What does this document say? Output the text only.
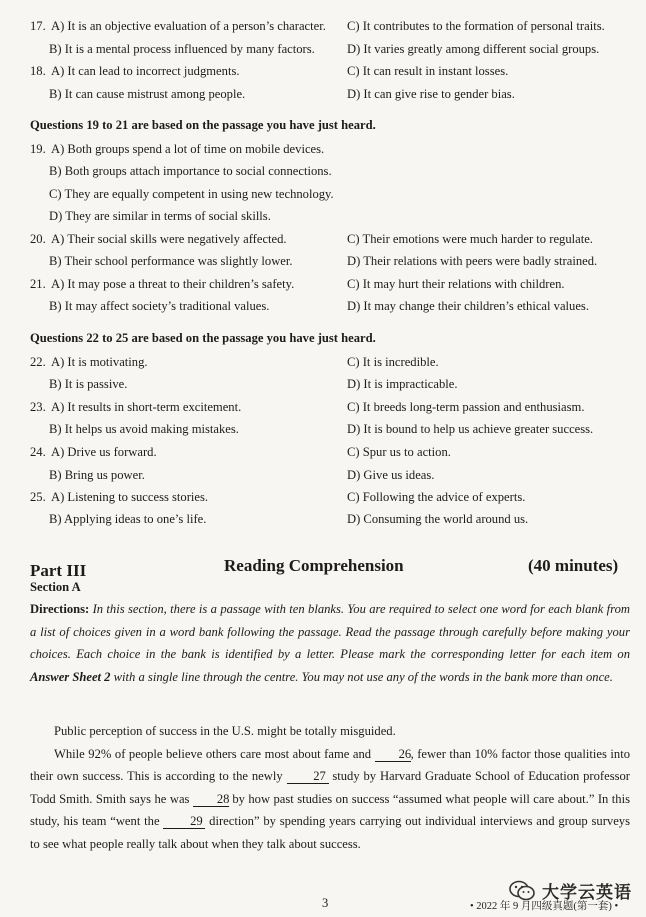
17. A) It is an objective evaluation of a person’s character. C) It contributes to the formation of personal traits.
B) It is a mental process influenced by many factors.	D) It varies greatly among different social groups.
18. A) It can lead to incorrect judgments.	C) It can result in instant losses.
B) It can cause mistrust among people.	D) It can give rise to gender bias.
Questions 19 to 21 are based on the passage you have just heard.
19. A) Both groups spend a lot of time on mobile devices.
B) Both groups attach importance to social connections.
C) They are equally competent in using new technology.
D) They are similar in terms of social skills.
20. A) Their social skills were negatively affected.	C) Their emotions were much harder to regulate.
B) Their school performance was slightly lower.	D) Their relations with peers were badly strained.
21. A) It may pose a threat to their children’s safety.	C) It may hurt their relations with children.
B) It may affect society’s traditional values.	D) It may change their children’s ethical values.
Questions 22 to 25 are based on the passage you have just heard.
22. A) It is motivating.	C) It is incredible.
B) It is passive.	D) It is impracticable.
23. A) It results in short-term excitement.	C) It breeds long-term passion and enthusiasm.
B) It helps us avoid making mistakes.	D) It is bound to help us achieve greater success.
24. A) Drive us forward.	C) Spur us to action.
B) Bring us power.	D) Give us ideas.
25. A) Listening to success stories.	C) Following the advice of experts.
B) Applying ideas to one’s life.	D) Consuming the world around us.
Part III
Section A
Reading Comprehension	(40 minutes)
Directions: In this section, there is a passage with ten blanks. You are required to select one word for each blank from a list of choices given in a word bank following the passage. Read the passage through carefully before making your choices. Each choice in the bank is identified by a letter. Please mark the corresponding letter for each item on Answer Sheet 2 with a single line through the centre. You may not use any of the words in the bank more than once.
Public perception of success in the U.S. might be totally misguided.
While 92% of people believe others care most about fame and 26, fewer than 10% factor those qualities into their own success. This is according to the newly 27 study by Harvard Graduate School of Education professor Todd Smith. Smith says he was 28 by how past studies on success “assumed what people will care about.” In this study, his team “went the 29 direction” by spending years carrying out individual interviews and group surveys to see what people really talk about when they talk about success.
大学云英语
3	• 2022 年 9 月四级真题(第一套) •
